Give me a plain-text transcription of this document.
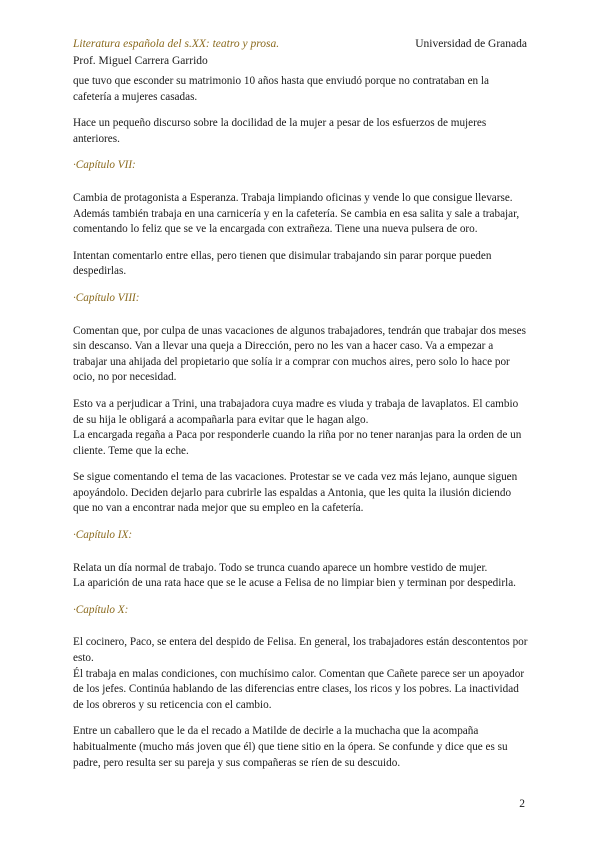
Literatura española del s.XX: teatro y prosa.	Universidad de Granada
Prof. Miguel Carrera Garrido

que tuvo que esconder su matrimonio 10 años hasta que enviudó porque no contrataban en la cafetería a mujeres casadas.

Hace un pequeño discurso sobre la docilidad de la mujer a pesar de los esfuerzos de mujeres anteriores.

·Capítulo VII:

Cambia de protagonista a Esperanza. Trabaja limpiando oficinas y vende lo que consigue llevarse. Además también trabaja en una carnicería y en la cafetería. Se cambia en esa salita y sale a trabajar, comentando lo feliz que se ve la encargada con extrañeza. Tiene una nueva pulsera de oro.

Intentan comentarlo entre ellas, pero tienen que disimular trabajando sin parar porque pueden despedirlas.

·Capítulo VIII:

Comentan que, por culpa de unas vacaciones de algunos trabajadores, tendrán que trabajar dos meses sin descanso. Van a llevar una queja a Dirección, pero no les van a hacer caso. Va a empezar a trabajar una ahijada del propietario que solía ir a comprar con muchos aires, pero solo lo hace por ocio, no por necesidad.

Esto va a perjudicar a Trini, una trabajadora cuya madre es viuda y trabaja de lavaplatos. El cambio de su hija le obligará a acompañarla para evitar que le hagan algo.

La encargada regaña a Paca por responderle cuando la riña por no tener naranjas para la orden de un cliente. Teme que la eche.

Se sigue comentando el tema de las vacaciones. Protestar se ve cada vez más lejano, aunque siguen apoyándolo. Deciden dejarlo para cubrirle las espaldas a Antonia, que les quita la ilusión diciendo que no van a encontrar nada mejor que su empleo en la cafetería.

·Capítulo IX:

Relata un día normal de trabajo. Todo se trunca cuando aparece un hombre vestido de mujer.

La aparición de una rata hace que se le acuse a Felisa de no limpiar bien y terminan por despedirla.

·Capítulo X:

El cocinero, Paco, se entera del despido de Felisa. En general, los trabajadores están descontentos por esto.

Él trabaja en malas condiciones, con muchísimo calor. Comentan que Cañete parece ser un apoyador de los jefes. Continúa hablando de las diferencias entre clases, los ricos y los pobres. La inactividad de los obreros y su reticencia con el cambio.

Entre un caballero que le da el recado a Matilde de decirle a la muchacha que la acompaña habitualmente (mucho más joven que él) que tiene sitio en la ópera. Se confunde y dice que es su padre, pero resulta ser su pareja y sus compañeras se ríen de su descuido.

2
